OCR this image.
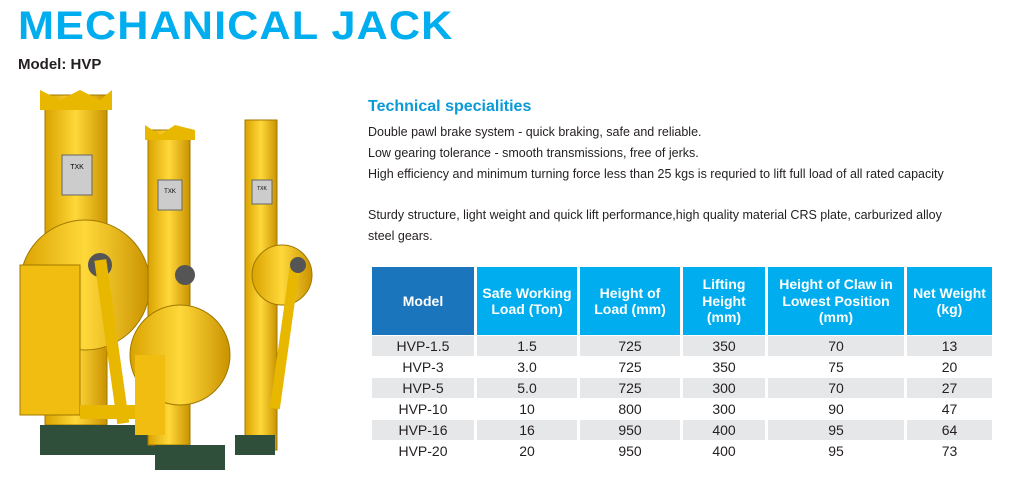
MECHANICAL JACK
Model: HVP
TXK
TXK	TXK
Technical specialities
Double pawl brake system - quick braking, safe and reliable.
Low gearing tolerance - smooth transmissions, free of jerks.
High efficiency and minimum turning force less than 25 kgs is requried to lift full load of all rated capacity
Sturdy structure, light weight and quick lift performance,high quality material CRS plate, carburized alloy
steel gears.
Model	Safe Working Load (Ton)	Height of Load (mm)	Lifting Height (mm)	Height of Claw in Lowest Position (mm)	Net Weight (kg)
HVP-1.5	1.5	725	350	70	13
HVP-3	3.0	725	350	75	20
HVP-5	5.0	725	300	70	27
HVP-10	10	800	300	90	47
HVP-16	16	950	400	95	64
HVP-20	20	950	400	95	73
